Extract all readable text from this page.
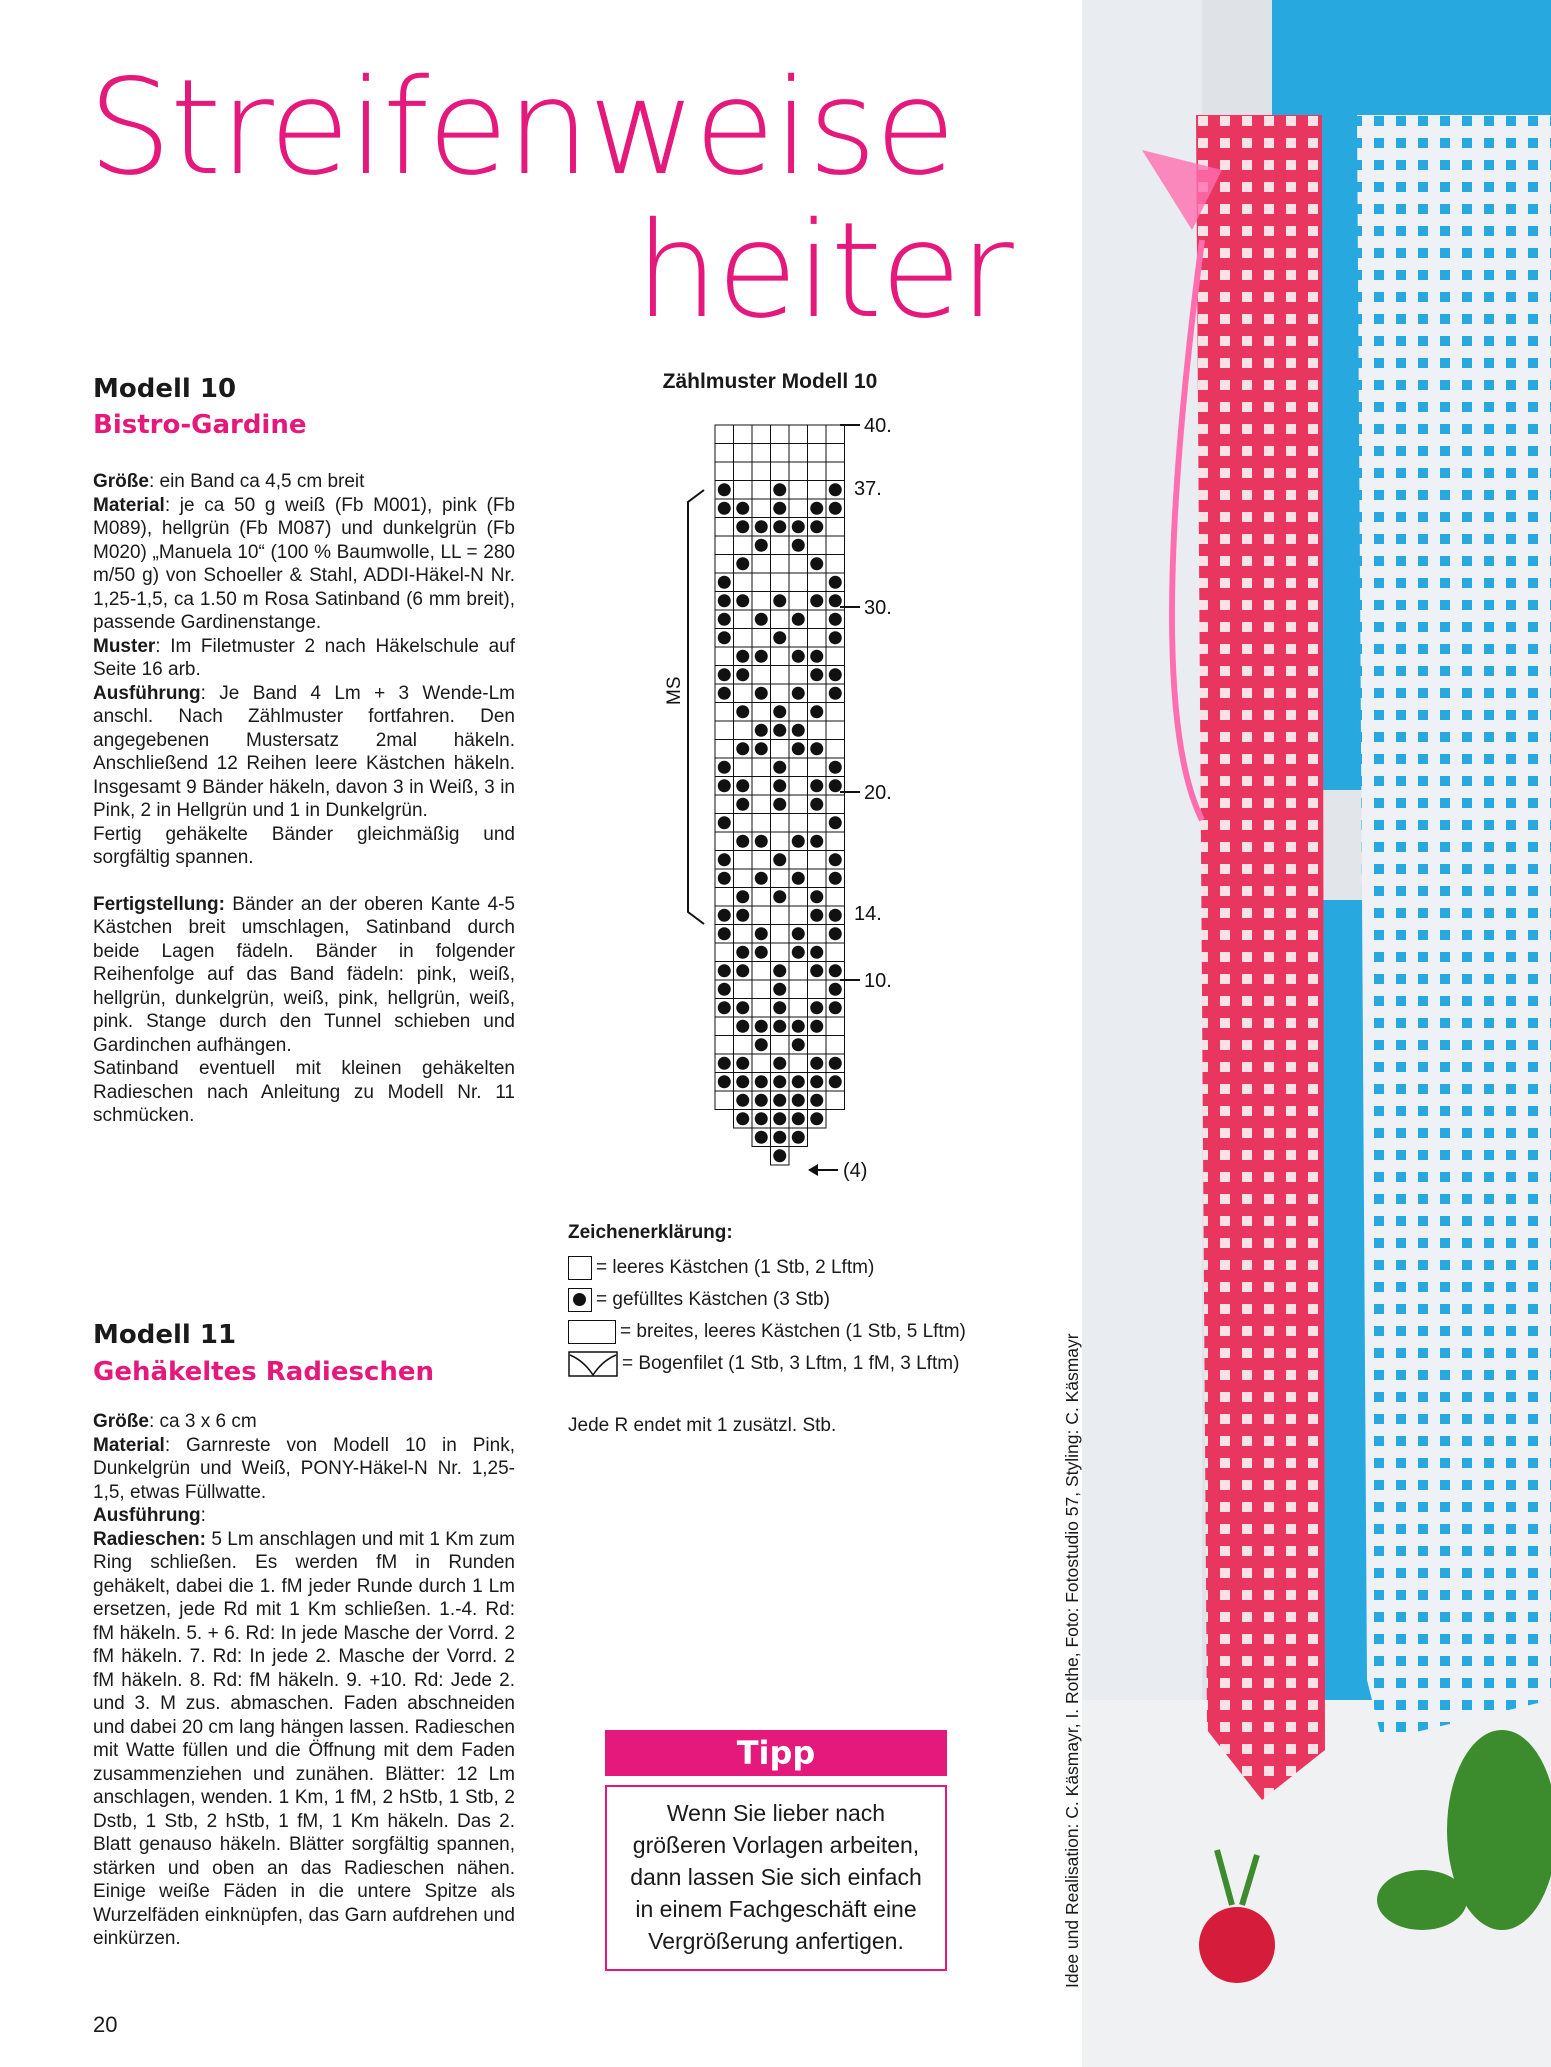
Streifenweise
heiter
Modell 10
Bistro-Gardine

Größe: ein Band ca 4,5 cm breit

Material: je ca 50 g weiß (Fb M001), pink (Fb M089), hellgrün (Fb M087) und dunkelgrün (Fb M020) „Manuela 10“ (100 % Baumwolle, LL = 280 m/50 g) von Schoeller & Stahl, ADDI-Häkel-N Nr. 1,25-1,5, ca 1.50 m Rosa Satinband (6 mm breit), passende Gardinenstange.

Muster: Im Filetmuster 2 nach Häkelschule auf Seite 16 arb.

Ausführung: Je Band 4 Lm + 3 Wende-Lm anschl. Nach Zählmuster fortfahren. Den angegebenen Mustersatz 2mal häkeln. Anschließend 12 Reihen leere Kästchen häkeln. Insgesamt 9 Bänder häkeln, davon 3 in Weiß, 3 in Pink, 2 in Hellgrün und 1 in Dunkelgrün.

Fertig gehäkelte Bänder gleichmäßig und sorgfältig spannen.

Fertigstellung: Bänder an der oberen Kante 4-5 Kästchen breit umschlagen, Satinband durch beide Lagen fädeln. Bänder in folgender Reihenfolge auf das Band fädeln: pink, weiß, hellgrün, dunkelgrün, weiß, pink, hellgrün, weiß, pink. Stange durch den Tunnel schieben und Gardinchen aufhängen.

Satinband eventuell mit kleinen gehäkelten Radieschen nach Anleitung zu Modell Nr. 11 schmücken.

Modell 11
Gehäkeltes Radieschen

Größe: ca 3 x 6 cm

Material: Garnreste von Modell 10 in Pink, Dunkelgrün und Weiß, PONY-Häkel-N Nr. 1,25-1,5, etwas Füllwatte.

Ausführung:

Radieschen: 5 Lm anschlagen und mit 1 Km zum Ring schließen. Es werden fM in Runden gehäkelt, dabei die 1. fM jeder Runde durch 1 Lm ersetzen, jede Rd mit 1 Km schließen. 1.-4. Rd: fM häkeln. 5. + 6. Rd: In jede Masche der Vorrd. 2 fM häkeln. 7. Rd: In jede 2. Masche der Vorrd. 2 fM häkeln. 8. Rd: fM häkeln. 9. +10. Rd: Jede 2. und 3. M zus. abmaschen. Faden abschneiden und dabei 20 cm lang hängen lassen. Radieschen mit Watte füllen und die Öffnung mit dem Faden zusammenziehen und zunähen. Blätter: 12 Lm anschlagen, wenden. 1 Km, 1 fM, 2 hStb, 1 Stb, 2 Dstb, 1 Stb, 2 hStb, 1 fM, 1 Km häkeln. Das 2. Blatt genauso häkeln. Blätter sorgfältig spannen, stärken und oben an das Radieschen nähen. Einige weiße Fäden in die untere Spitze als Wurzelfäden einknüpfen, das Garn aufdrehen und einkürzen.

Zählmuster Modell 10
MS
40.
37.
30.
20.
14.
10.
(4)

Zeichenerklärung:

= leeres Kästchen (1 Stb, 2 Lftm)
= gefülltes Kästchen (3 Stb)
= breites, leeres Kästchen (1 Stb, 5 Lftm)
= Bogenfilet (1 Stb, 3 Lftm, 1 fM, 3 Lftm)

Jede R endet mit 1 zusätzl. Stb.

Tipp

Wenn Sie lieber nach

größeren Vorlagen arbeiten,

dann lassen Sie sich einfach

in einem Fachgeschäft eine

Vergrößerung anfertigen.

20

Idee und Realisation: C. Käsmayr, I. Rothe, Foto: Fotostudio 57, Styling: C. Käsmayr
